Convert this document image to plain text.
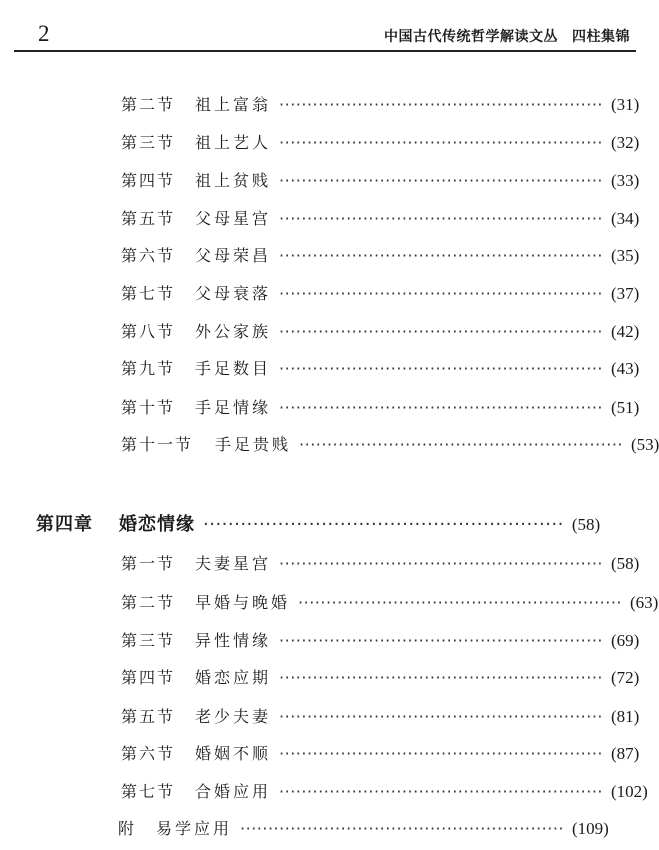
2	中国古代传统哲学解读文丛 四柱集锦
第二节 祖上富翁 ·························································· (31)
第三节 祖上艺人 ·························································· (32)
第四节 祖上贫贱 ·························································· (33)
第五节 父母星宫 ·························································· (34)
第六节 父母荣昌 ·························································· (35)
第七节 父母衰落 ·························································· (37)
第八节 外公家族 ·························································· (42)
第九节 手足数目 ·························································· (43)
第十节 手足情缘 ·························································· (51)
第十一节 手足贵贱 ·························································· (53)
第四章 婚恋情缘 ·························································· (58)
第一节 夫妻星宫 ·························································· (58)
第二节 早婚与晚婚 ·························································· (63)
第三节 异性情缘 ·························································· (69)
第四节 婚恋应期 ·························································· (72)
第五节 老少夫妻 ·························································· (81)
第六节 婚姻不顺 ·························································· (87)
第七节 合婚应用 ·························································· (102)
附 易学应用 ·························································· (109)
